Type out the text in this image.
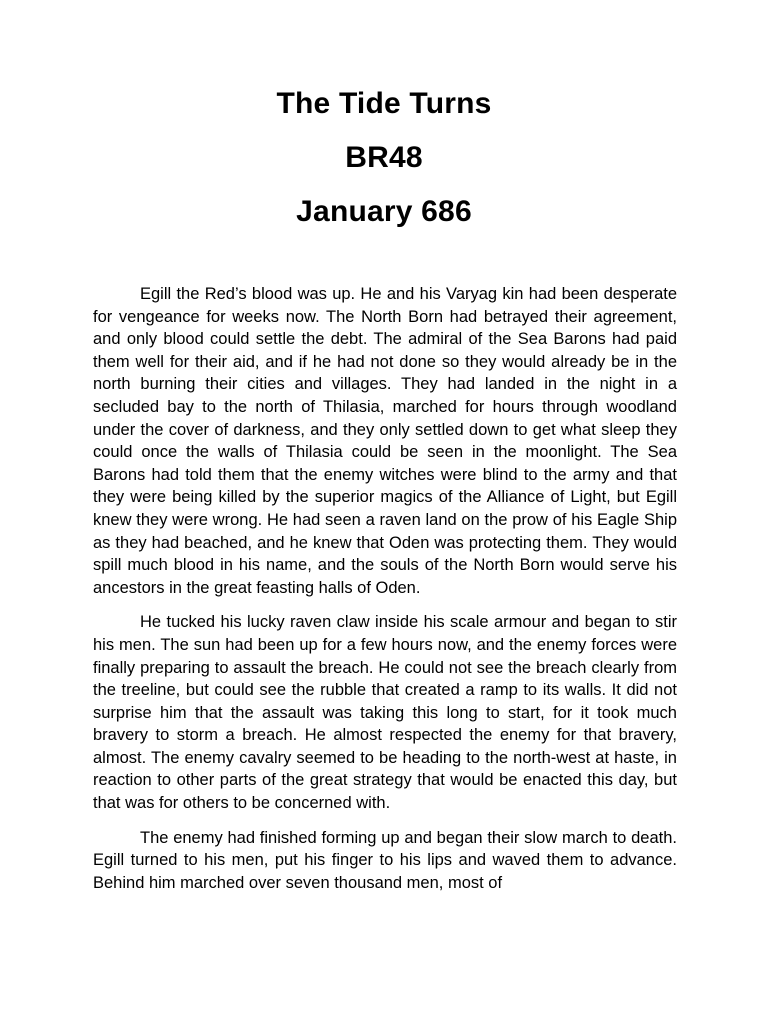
The Tide Turns
BR48
January 686

Egill the Red’s blood was up. He and his Varyag kin had been desperate for vengeance for weeks now. The North Born had betrayed their agreement, and only blood could settle the debt. The admiral of the Sea Barons had paid them well for their aid, and if he had not done so they would already be in the north burning their cities and villages. They had landed in the night in a secluded bay to the north of Thilasia, marched for hours through woodland under the cover of darkness, and they only settled down to get what sleep they could once the walls of Thilasia could be seen in the moonlight. The Sea Barons had told them that the enemy witches were blind to the army and that they were being killed by the superior magics of the Alliance of Light, but Egill knew they were wrong. He had seen a raven land on the prow of his Eagle Ship as they had beached, and he knew that Oden was protecting them. They would spill much blood in his name, and the souls of the North Born would serve his ancestors in the great feasting halls of Oden.

He tucked his lucky raven claw inside his scale armour and began to stir his men. The sun had been up for a few hours now, and the enemy forces were finally preparing to assault the breach. He could not see the breach clearly from the treeline, but could see the rubble that created a ramp to its walls. It did not surprise him that the assault was taking this long to start, for it took much bravery to storm a breach. He almost respected the enemy for that bravery, almost. The enemy cavalry seemed to be heading to the north-west at haste, in reaction to other parts of the great strategy that would be enacted this day, but that was for others to be concerned with.

The enemy had finished forming up and began their slow march to death. Egill turned to his men, put his finger to his lips and waved them to advance. Behind him marched over seven thousand men, most of
